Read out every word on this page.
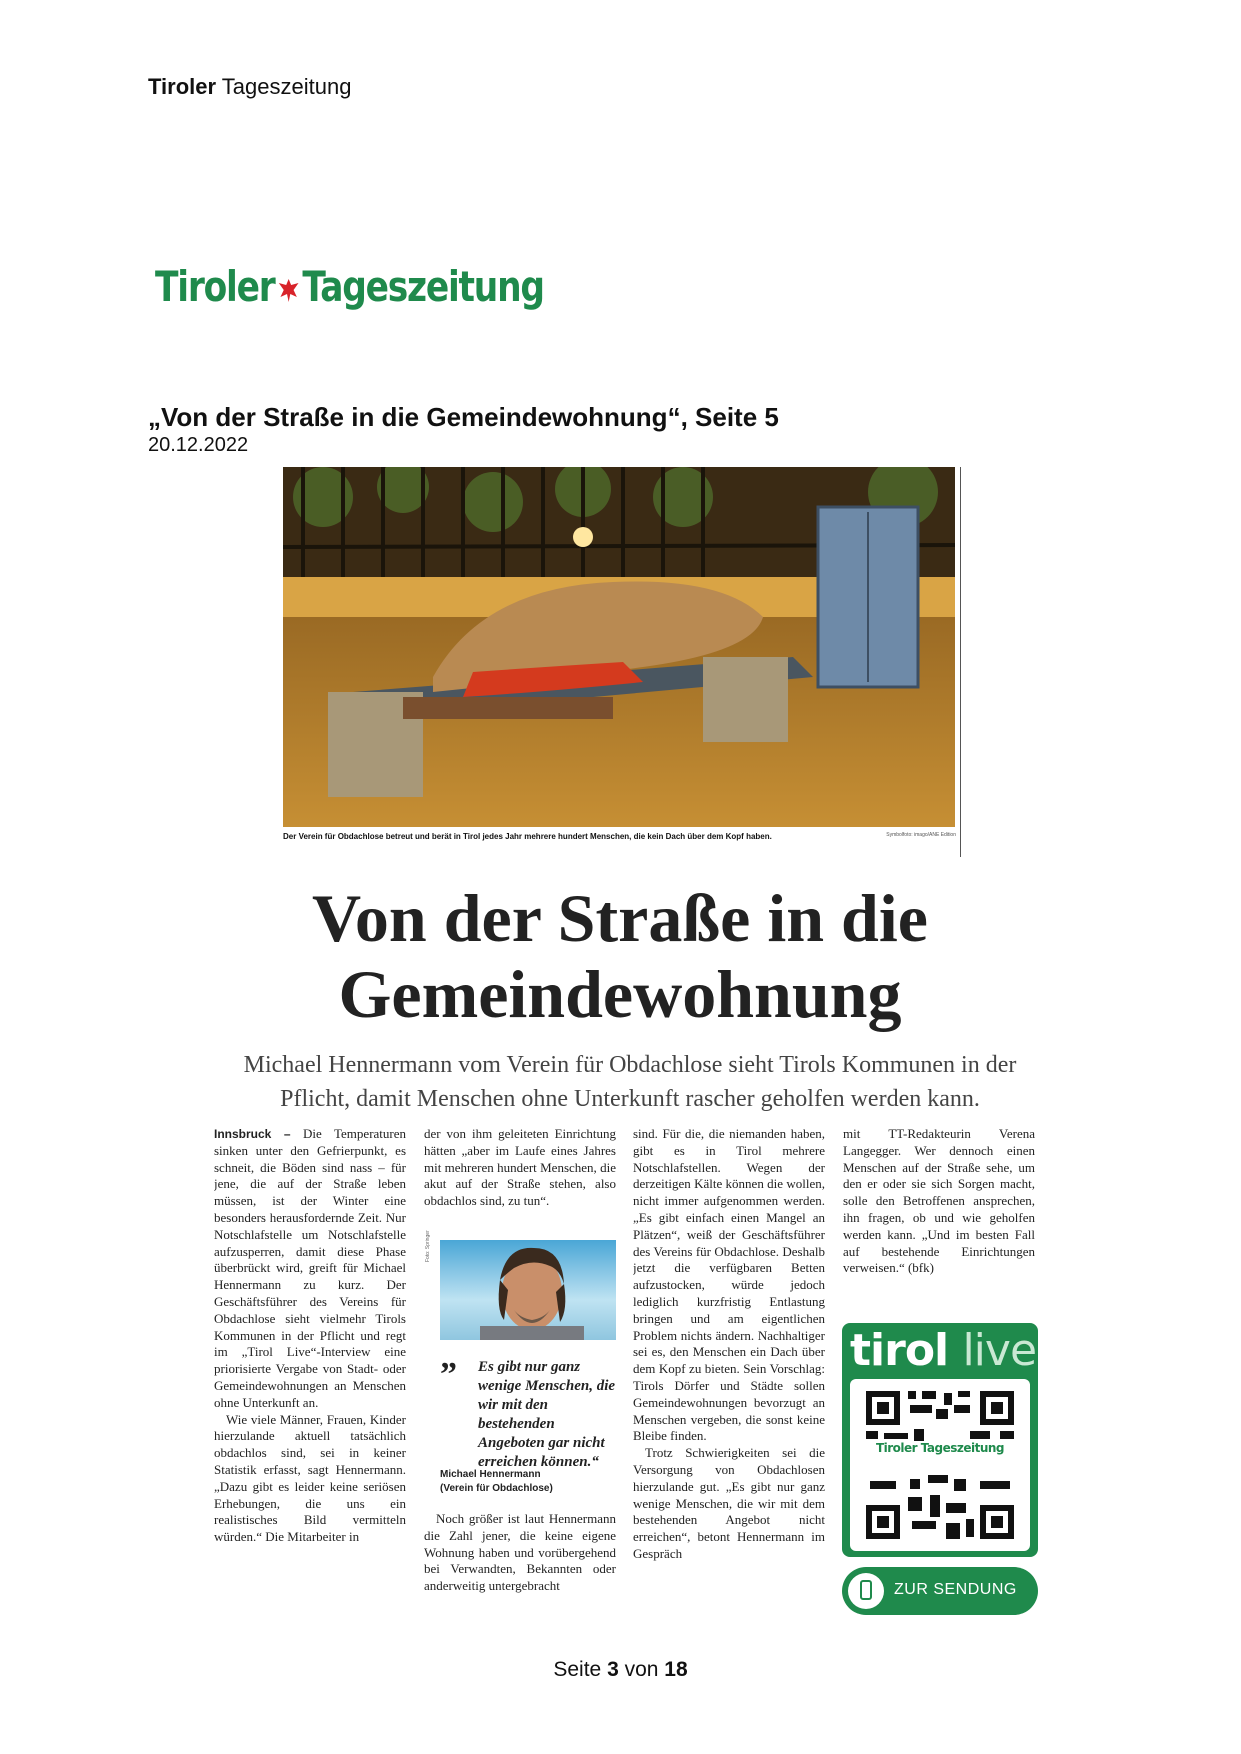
Tiroler Tageszeitung
Tiroler Tageszeitung
„Von der Straße in die Gemeindewohnung“, Seite 5
20.12.2022
Der Verein für Obdachlose betreut und berät in Tirol jedes Jahr mehrere hundert Menschen, die kein Dach über dem Kopf haben.	Symbolfoto: imago/ANE Edition
Von der Straße in die Gemeindewohnung
Michael Hennermann vom Verein für Obdachlose sieht Tirols Kommunen in der Pflicht, damit Menschen ohne Unterkunft rascher geholfen werden kann.

Innsbruck – Die Temperaturen sinken unter den Gefrierpunkt, es schneit, die Böden sind nass – für jene, die auf der Straße leben müssen, ist der Winter eine besonders herausfordernde Zeit. Nur Notschlafstelle um Notschlafstelle aufzusperren, damit diese Phase überbrückt wird, greift für Michael Hennermann zu kurz. Der Geschäftsführer des Vereins für Obdachlose sieht vielmehr Tirols Kommunen in der Pflicht und regt im „Tirol Live“-Interview eine priorisierte Vergabe von Stadt- oder Gemeindewohnungen an Menschen ohne Unterkunft an.

Wie viele Männer, Frauen, Kinder hierzulande aktuell tatsächlich obdachlos sind, sei in keiner Statistik erfasst, sagt Hennermann. „Dazu gibt es leider keine seriösen Erhebungen, die uns ein realistisches Bild vermitteln würden.“ Die Mitarbeiter in

der von ihm geleiteten Einrichtung hätten „aber im Laufe eines Jahres mit mehreren hundert Menschen, die akut auf der Straße stehen, also obdachlos sind, zu tun“.

Noch größer ist laut Hennermann die Zahl jener, die keine eigene Wohnung haben und vorübergehend bei Verwandten, Bekannten oder anderweitig untergebracht

Foto: Springer
”	Es gibt nur ganz wenige Menschen, die wir mit den bestehenden Angeboten gar nicht erreichen können.“
Michael Hennermann
(Verein für Obdachlose)

sind. Für die, die niemanden haben, gibt es in Tirol mehrere Notschlafstellen. Wegen der derzeitigen Kälte können die wollen, nicht immer aufgenommen werden. „Es gibt einfach einen Mangel an Plätzen“, weiß der Geschäftsführer des Vereins für Obdachlose. Deshalb jetzt die verfügbaren Betten aufzustocken, würde jedoch lediglich kurzfristig Entlastung bringen und am eigentlichen Problem nichts ändern. Nachhaltiger sei es, den Menschen ein Dach über dem Kopf zu bieten. Sein Vorschlag: Tirols Dörfer und Städte sollen Gemeindewohnungen bevorzugt an Menschen vergeben, die sonst keine Bleibe finden.

Trotz Schwierigkeiten sei die Versorgung von Obdachlosen hierzulande gut. „Es gibt nur ganz wenige Menschen, die wir mit dem bestehenden Angebot nicht erreichen“, betont Hennermann im Gespräch

mit TT-Redakteurin Verena Langegger. Wer dennoch einen Menschen auf der Straße sehe, um den er oder sie sich Sorgen macht, solle den Betroffenen ansprechen, ihn fragen, ob und wie geholfen werden kann. „Und im besten Fall auf bestehende Einrichtungen verweisen.“ (bfk)

tirol live
Tiroler Tageszeitung
ZUR SENDUNG
Seite 3 von 18
